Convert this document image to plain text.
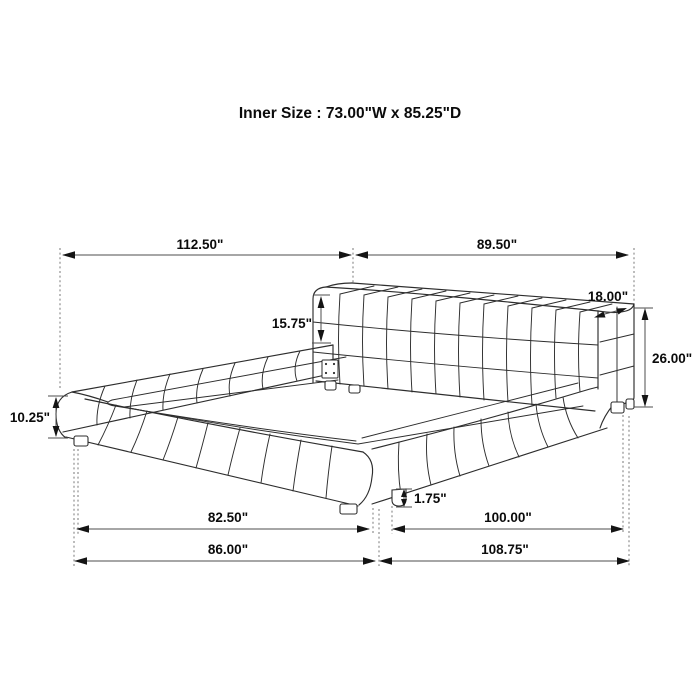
Inner Size : 73.00"W x 85.25"D
112.50"	89.50"
18.00"
15.75"
26.00"
10.25"
1.75"
82.50"	100.00"
86.00"	108.75"
